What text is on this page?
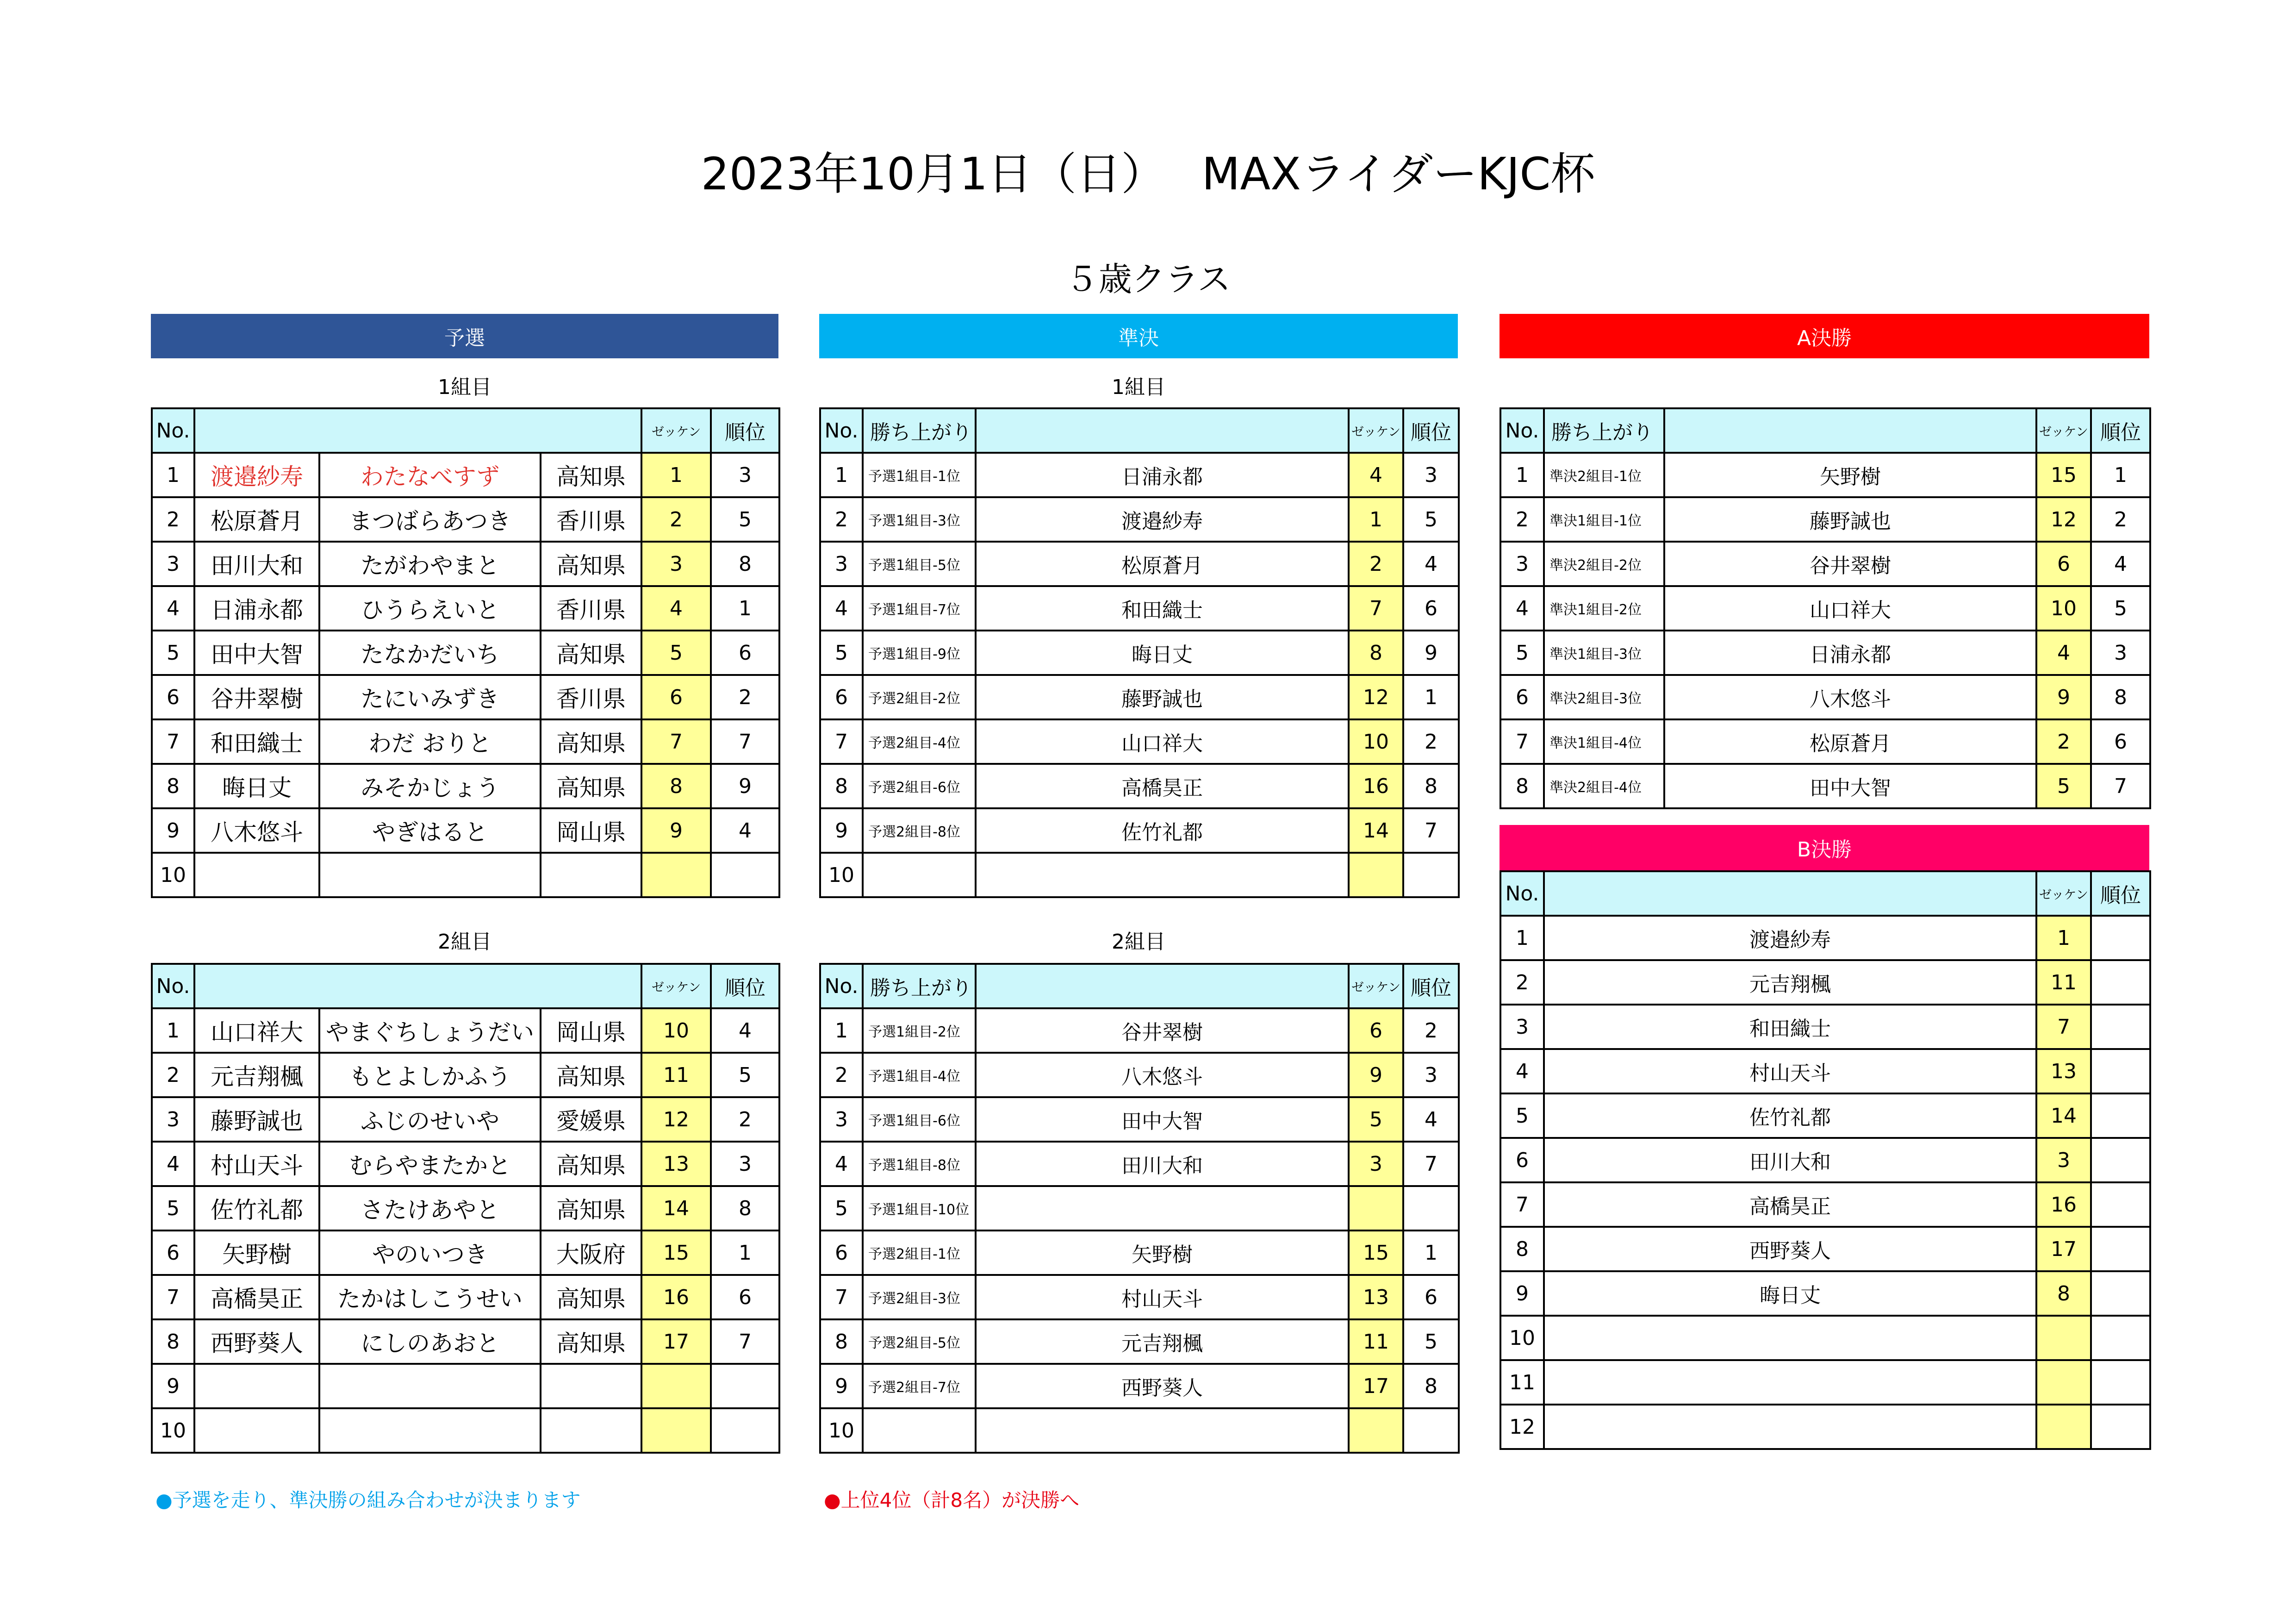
2023年10月1日（日）　 MAXライダーKJC杯
５歳クラス
予選	準決	A決勝
1組目	1組目
2組目	2組目
No.				ゼッケン	順位
1	渡邉紗寿	わたなべすず	高知県	1	3
2	松原蒼月	まつばらあつき	香川県	2	5
3	田川大和	たがわやまと	高知県	3	8
4	日浦永都	ひうらえいと	香川県	4	1
5	田中大智	たなかだいち	高知県	5	6
6	谷井翠樹	たにいみずき	香川県	6	2
7	和田織士	わだ おりと	高知県	7	7
8	晦日丈	みそかじょう	高知県	8	9
9	八木悠斗	やぎはると	岡山県	9	4
10					
No.				ゼッケン	順位
1	山口祥大	やまぐちしょうだい	岡山県	10	4
2	元吉翔楓	もとよしかふう	高知県	11	5
3	藤野誠也	ふじのせいや	愛媛県	12	2
4	村山天斗	むらやまたかと	高知県	13	3
5	佐竹礼都	さたけあやと	高知県	14	8
6	矢野樹	やのいつき	大阪府	15	1
7	高橋昊正	たかはしこうせい	高知県	16	6
8	西野葵人	にしのあおと	高知県	17	7
9					
10					
No.	勝ち上がり		ゼッケン	順位
1	予選1組目-1位	日浦永都	4	3
2	予選1組目-3位	渡邉紗寿	1	5
3	予選1組目-5位	松原蒼月	2	4
4	予選1組目-7位	和田織士	7	6
5	予選1組目-9位	晦日丈	8	9
6	予選2組目-2位	藤野誠也	12	1
7	予選2組目-4位	山口祥大	10	2
8	予選2組目-6位	高橋昊正	16	8
9	予選2組目-8位	佐竹礼都	14	7
10				
No.	勝ち上がり		ゼッケン	順位
1	予選1組目-2位	谷井翠樹	6	2
2	予選1組目-4位	八木悠斗	9	3
3	予選1組目-6位	田中大智	5	4
4	予選1組目-8位	田川大和	3	7
5	予選1組目-10位			
6	予選2組目-1位	矢野樹	15	1
7	予選2組目-3位	村山天斗	13	6
8	予選2組目-5位	元吉翔楓	11	5
9	予選2組目-7位	西野葵人	17	8
10				
No.	勝ち上がり		ゼッケン	順位
1	準決2組目-1位	矢野樹	15	1
2	準決1組目-1位	藤野誠也	12	2
3	準決2組目-2位	谷井翠樹	6	4
4	準決1組目-2位	山口祥大	10	5
5	準決1組目-3位	日浦永都	4	3
6	準決2組目-3位	八木悠斗	9	8
7	準決1組目-4位	松原蒼月	2	6
8	準決2組目-4位	田中大智	5	7
B決勝
No.		ゼッケン	順位
1	渡邉紗寿	1	
2	元吉翔楓	11	
3	和田織士	7	
4	村山天斗	13	
5	佐竹礼都	14	
6	田川大和	3	
7	高橋昊正	16	
8	西野葵人	17	
9	晦日丈	8	
10			
11			
12			
●予選を走り、準決勝の組み合わせが決まります	●上位4位（計8名）が決勝へ
